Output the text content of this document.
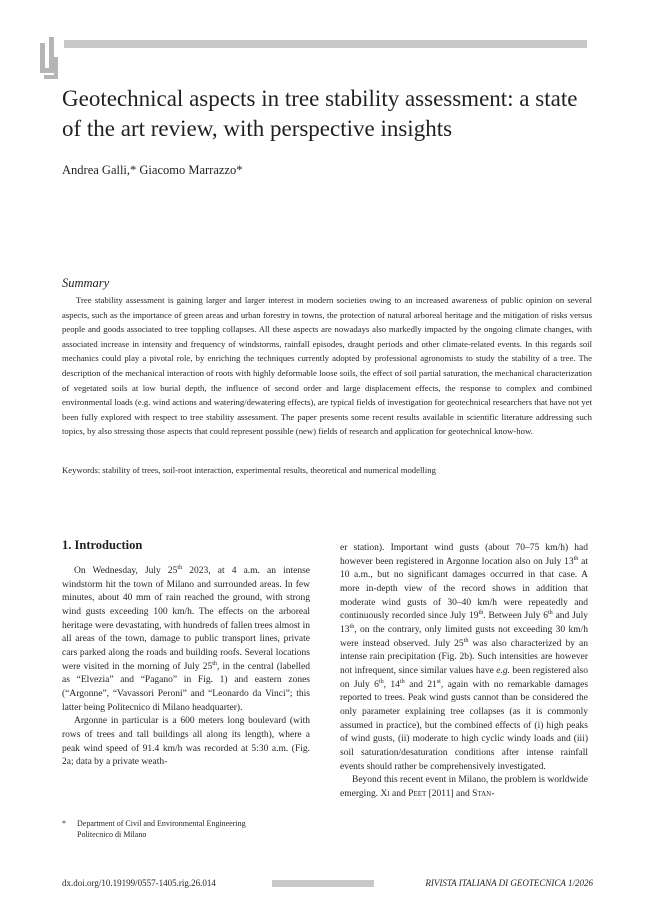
Geotechnical aspects in tree stability assessment: a state of the art review, with perspective insights
Andrea Galli,* Giacomo Marrazzo*
Summary

Tree stability assessment is gaining larger and larger interest in modern societies owing to an increased awareness of public opinion on several aspects, such as the importance of green areas and urban forestry in towns, the protection of natural arboreal heritage and the mitigation of risks versus people and goods associated to tree toppling collapses. All these aspects are nowadays also markedly impacted by the ongoing climate changes, with associated increase in intensity and frequency of windstorms, rainfall episodes, draught periods and other climate-related events. In this regards soil mechanics could play a pivotal role, by enriching the techniques currently adopted by professional agronomists to study the stability of a tree. The description of the mechanical interaction of roots with highly deformable loose soils, the effect of soil partial saturation, the mechanical characterization of vegetated soils at low burial depth, the influence of second order and large displacement effects, the response to complex and combined environmental loads (e.g. wind actions and watering/dewatering effects), are typical fields of investigation for geotechnical researchers that have not yet been fully explored with respect to tree stability assessment. The paper presents some recent results available in scientific literature addressing such topics, by also stressing those aspects that could represent possible (new) fields of research and application for geotechnical know-how.

Keywords: stability of trees, soil-root interaction, experimental results, theoretical and numerical modelling

1. Introduction

On Wednesday, July 25th 2023, at 4 a.m. an intense windstorm hit the town of Milano and surrounded areas. In few minutes, about 40 mm of rain reached the ground, with strong wind gusts exceeding 100 km/h. The effects on the arboreal heritage were devastating, with hundreds of fallen trees almost in all areas of the town, damage to public transport lines, private cars parked along the roads and building roofs. Several locations were visited in the morning of July 25th, in the central (labelled as “Elvezia” and “Pagano” in Fig. 1) and eastern zones (“Argonne”, “Vavassori Peroni” and “Leonardo da Vinci”; this latter being Politecnico di Milano headquarter).

Argonne in particular is a 600 meters long boulevard (with rows of trees and tall buildings all along its length), where a peak wind speed of 91.4 km/h was recorded at 5:30 a.m. (Fig. 2a; data by a private weath-

er station). Important wind gusts (about 70–75 km/h) had however been registered in Argonne location also on July 13th at 10 a.m., but no significant damages occurred in that case. A more in-depth view of the record shows in addition that moderate wind gusts of 30–40 km/h were repeatedly and continuously recorded since July 19th. Between July 6th and July 13th, on the contrary, only limited gusts not exceeding 30 km/h were instead observed. July 25th was also characterized by an intense rain precipitation (Fig. 2b). Such intensities are however not infrequent, since similar values have e.g. been registered also on July 6th, 14th and 21st, again with no remarkable damages reported to trees. Peak wind gusts cannot than be considered the only parameter explaining tree collapses (as it is commonly assumed in practice), but the combined effects of (i) high peaks of wind gusts, (ii) moderate to high cyclic windy loads and (iii) soil saturation/desaturation conditions after intense rainfall events should rather be comprehensively investigated.

Beyond this recent event in Milano, the problem is worldwide emerging. Xi and Peet [2011] and Stan-

*	Department of Civil and Environmental Engineering
Politecnico di Milano
dx.doi.org/10.19199/0557-1405.rig.26.014	RIVISTA ITALIANA DI GEOTECNICA 1/2026
